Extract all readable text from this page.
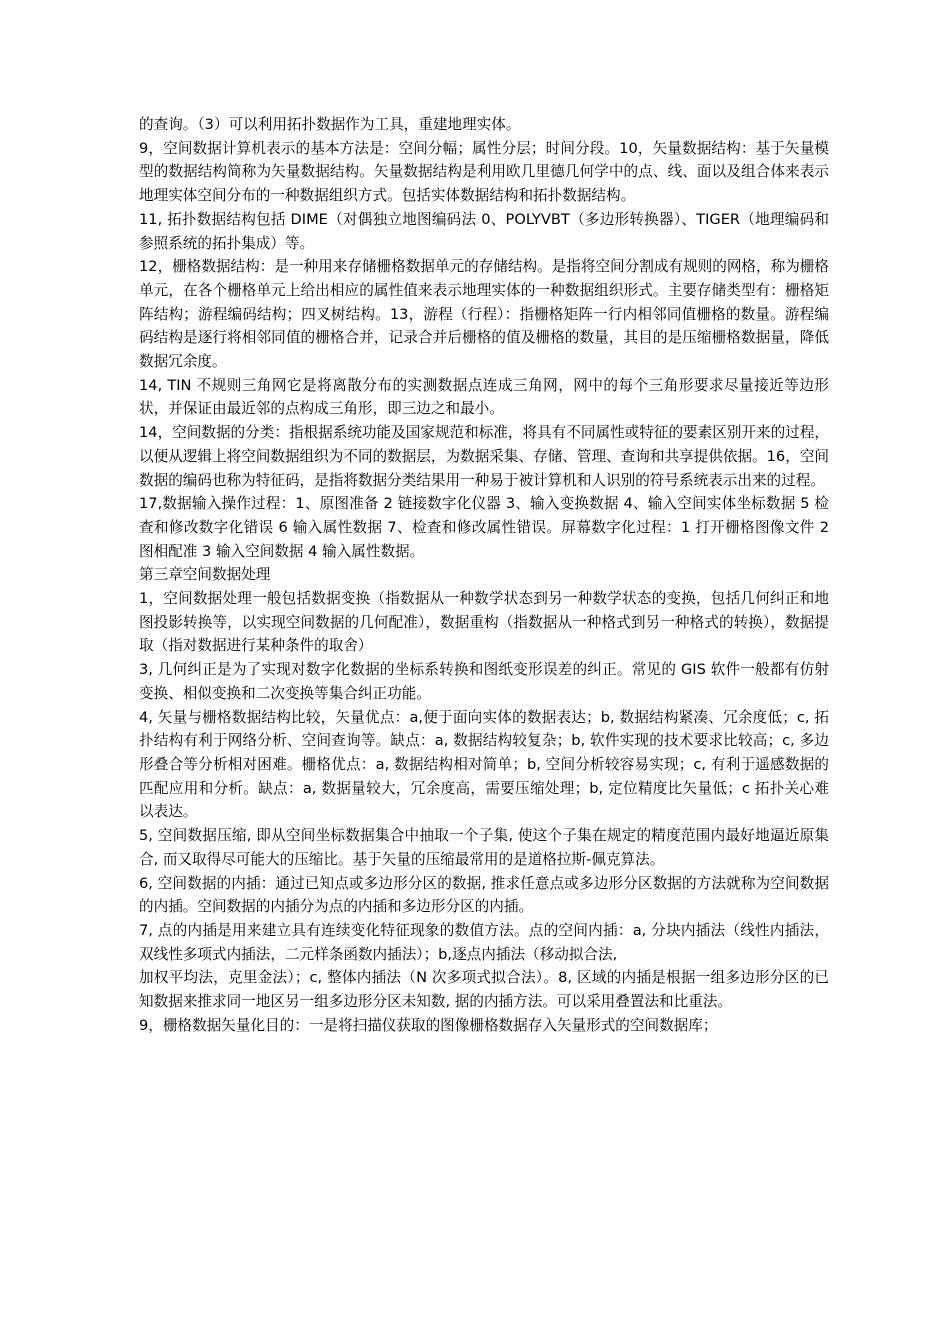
的查询。（3）可以利用拓扑数据作为工具，重建地理实体。

9，空间数据计算机表示的基本方法是：空间分幅；属性分层；时间分段。10，矢量数据结构：基于矢量模型的数据结构简称为矢量数据结构。矢量数据结构是利用欧几里德几何学中的点、线、面以及组合体来表示地理实体空间分布的一种数据组织方式。包括实体数据结构和拓扑数据结构。

11, 拓扑数据结构包括 DIME（对偶独立地图编码法 0、POLYVBT（多边形转换器）、TIGER（地理编码和参照系统的拓扑集成）等。

12，栅格数据结构：是一种用来存储栅格数据单元的存储结构。是指将空间分割成有规则的网格，称为栅格单元，在各个栅格单元上给出相应的属性值来表示地理实体的一种数据组织形式。主要存储类型有：栅格矩阵结构；游程编码结构；四叉树结构。13，游程（行程）：指栅格矩阵一行内相邻同值栅格的数量。游程编码结构是逐行将相邻同值的栅格合并，记录合并后栅格的值及栅格的数量，其目的是压缩栅格数据量，降低数据冗余度。

14, TIN 不规则三角网它是将离散分布的实测数据点连成三角网，网中的每个三角形要求尽量接近等边形状，并保证由最近邻的点构成三角形，即三边之和最小。

14，空间数据的分类：指根据系统功能及国家规范和标准，将具有不同属性或特征的要素区别开来的过程，以便从逻辑上将空间数据组织为不同的数据层，为数据采集、存储、管理、查询和共享提供依据。16，空间数据的编码也称为特征码，是指将数据分类结果用一种易于被计算机和人识别的符号系统表示出来的过程。

17,数据输入操作过程：1、原图准备 2 链接数字化仪器 3、输入变换数据 4、输入空间实体坐标数据 5 检查和修改数字化错误 6 输入属性数据 7、检查和修改属性错误。屏幕数字化过程：1 打开栅格图像文件 2 图相配准 3 输入空间数据 4 输入属性数据。

第三章空间数据处理

1，空间数据处理一般包括数据变换（指数据从一种数学状态到另一种数学状态的变换，包括几何纠正和地图投影转换等，以实现空间数据的几何配准），数据重构（指数据从一种格式到另一种格式的转换），数据提取（指对数据进行某种条件的取舍）

3, 几何纠正是为了实现对数字化数据的坐标系转换和图纸变形误差的纠正。常见的 GIS 软件一般都有仿射变换、相似变换和二次变换等集合纠正功能。

4, 矢量与栅格数据结构比较，矢量优点：a,便于面向实体的数据表达；b, 数据结构紧凑、冗余度低；c, 拓扑结构有利于网络分析、空间查询等。缺点：a, 数据结构较复杂；b, 软件实现的技术要求比较高；c, 多边形叠合等分析相对困难。栅格优点：a, 数据结构相对简单；b, 空间分析较容易实现；c, 有利于遥感数据的匹配应用和分析。缺点：a, 数据量较大，冗余度高，需要压缩处理；b, 定位精度比矢量低；c 拓扑关心难以表达。

5, 空间数据压缩, 即从空间坐标数据集合中抽取一个子集, 使这个子集在规定的精度范围内最好地逼近原集合, 而又取得尽可能大的压缩比。基于矢量的压缩最常用的是道格拉斯-佩克算法。

6, 空间数据的内插：通过已知点或多边形分区的数据, 推求任意点或多边形分区数据的方法就称为空间数据的内插。空间数据的内插分为点的内插和多边形分区的内插。

7, 点的内插是用来建立具有连续变化特征现象的数值方法。点的空间内插：a, 分块内插法（线性内插法，双线性多项式内插法，二元样条函数内插法）；b,逐点内插法（移动拟合法,

加权平均法，克里金法）；c, 整体内插法（N 次多项式拟合法）。8, 区域的内插是根据一组多边形分区的已知数据来推求同一地区另一组多边形分区未知数, 据的内插方法。可以采用叠置法和比重法。

9，栅格数据矢量化目的：一是将扫描仪获取的图像栅格数据存入矢量形式的空间数据库；
